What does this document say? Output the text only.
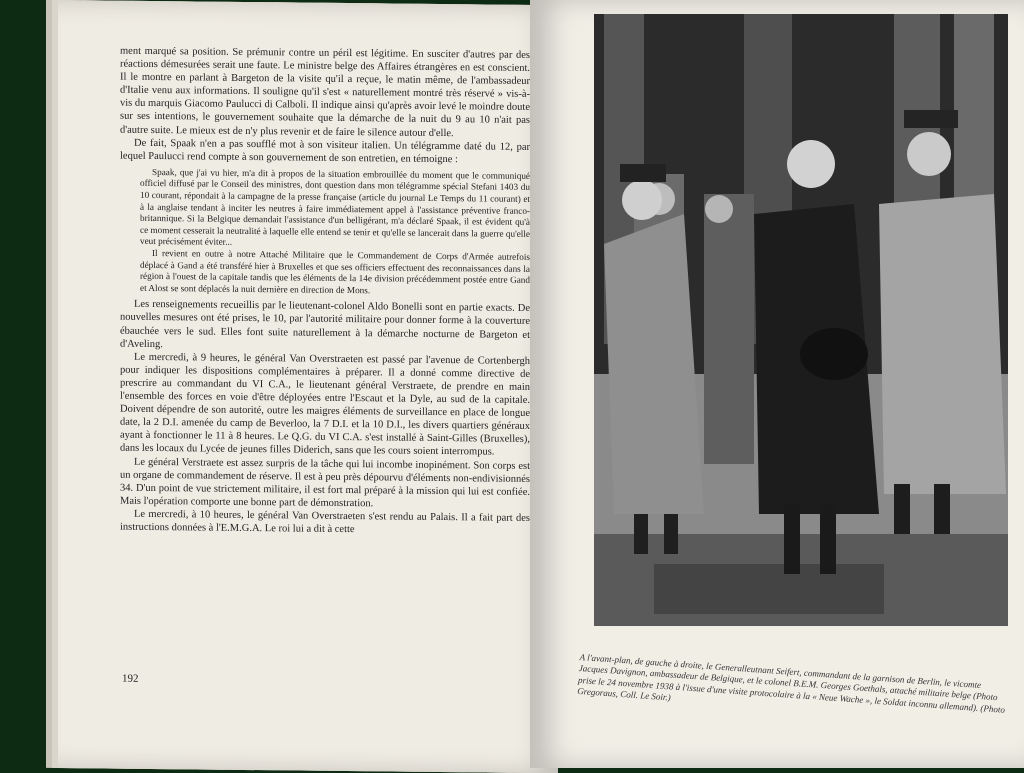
ment marqué sa position. Se prémunir contre un péril est légitime. En susciter d'autres par des réactions démesurées serait une faute. Le ministre belge des Affaires étrangères en est conscient. Il le montre en parlant à Bargeton de la visite qu'il a reçue, le matin même, de l'ambassadeur d'Italie venu aux informations. Il souligne qu'il s'est « naturellement montré très réservé » vis-à-vis du marquis Giacomo Paulucci di Calboli. Il indique ainsi qu'après avoir levé le moindre doute sur ses intentions, le gouvernement souhaite que la démarche de la nuit du 9 au 10 n'ait pas d'autre suite. Le mieux est de n'y plus revenir et de faire le silence autour d'elle.

De fait, Spaak n'en a pas soufflé mot à son visiteur italien. Un télégramme daté du 12, par lequel Paulucci rend compte à son gouvernement de son entretien, en témoigne :

Spaak, que j'ai vu hier, m'a dit à propos de la situation embrouillée du moment que le communiqué officiel diffusé par le Conseil des ministres, dont question dans mon télégramme spécial Stefani 1403 du 10 courant, répondait à la campagne de la presse française (article du journal Le Temps du 11 courant) et à la anglaise tendant à inciter les neutres à faire immédiatement appel à l'assistance préventive franco-britannique. Si la Belgique demandait l'assistance d'un belligérant, m'a déclaré Spaak, il est évident qu'à ce moment cesserait la neutralité à laquelle elle entend se tenir et qu'elle se lancerait dans la guerre qu'elle veut précisément éviter...

Il revient en outre à notre Attaché Militaire que le Commandement de Corps d'Armée autrefois déplacé à Gand a été transféré hier à Bruxelles et que ses officiers effectuent des reconnaissances dans la région à l'ouest de la capitale tandis que les éléments de la 14e division précédemment postée entre Gand et Alost se sont déplacés la nuit dernière en direction de Mons.

Les renseignements recueillis par le lieutenant-colonel Aldo Bonelli sont en partie exacts. De nouvelles mesures ont été prises, le 10, par l'autorité militaire pour donner forme à la couverture ébauchée vers le sud. Elles font suite naturellement à la démarche nocturne de Bargeton et d'Aveling.

Le mercredi, à 9 heures, le général Van Overstraeten est passé par l'avenue de Cortenbergh pour indiquer les dispositions complémentaires à préparer. Il a donné comme directive de prescrire au commandant du VI C.A., le lieutenant général Verstraete, de prendre en main l'ensemble des forces en voie d'être déployées entre l'Escaut et la Dyle, au sud de la capitale. Doivent dépendre de son autorité, outre les maigres éléments de surveillance en place de longue date, la 2 D.I. amenée du camp de Beverloo, la 7 D.I. et la 10 D.I., les divers quartiers généraux ayant à fonctionner le 11 à 8 heures. Le Q.G. du VI C.A. s'est installé à Saint-Gilles (Bruxelles), dans les locaux du Lycée de jeunes filles Diderich, sans que les cours soient interrompus.

Le général Verstraete est assez surpris de la tâche qui lui incombe inopinément. Son corps est un organe de commandement de réserve. Il est à peu près dépourvu d'éléments non-endivisionnés 34. D'un point de vue strictement militaire, il est fort mal préparé à la mission qui lui est confiée. Mais l'opération comporte une bonne part de démonstration.

Le mercredi, à 10 heures, le général Van Overstraeten s'est rendu au Palais. Il a fait part des instructions données à l'E.M.G.A. Le roi lui a dit à cette

192	A l'avant-plan, de gauche à droite, le Generalleutnant Seifert, commandant de la garnison de Berlin, le vicomte Jacques Davignon, ambassadeur de Belgique, et le colonel B.E.M. Georges Goethals, attaché militaire belge (Photo prise le 24 novembre 1938 à l'issue d'une visite protocolaire à la « Neue Wache », le Soldat inconnu allemand). (Photo Gregoraus, Coll. Le Soir.)
